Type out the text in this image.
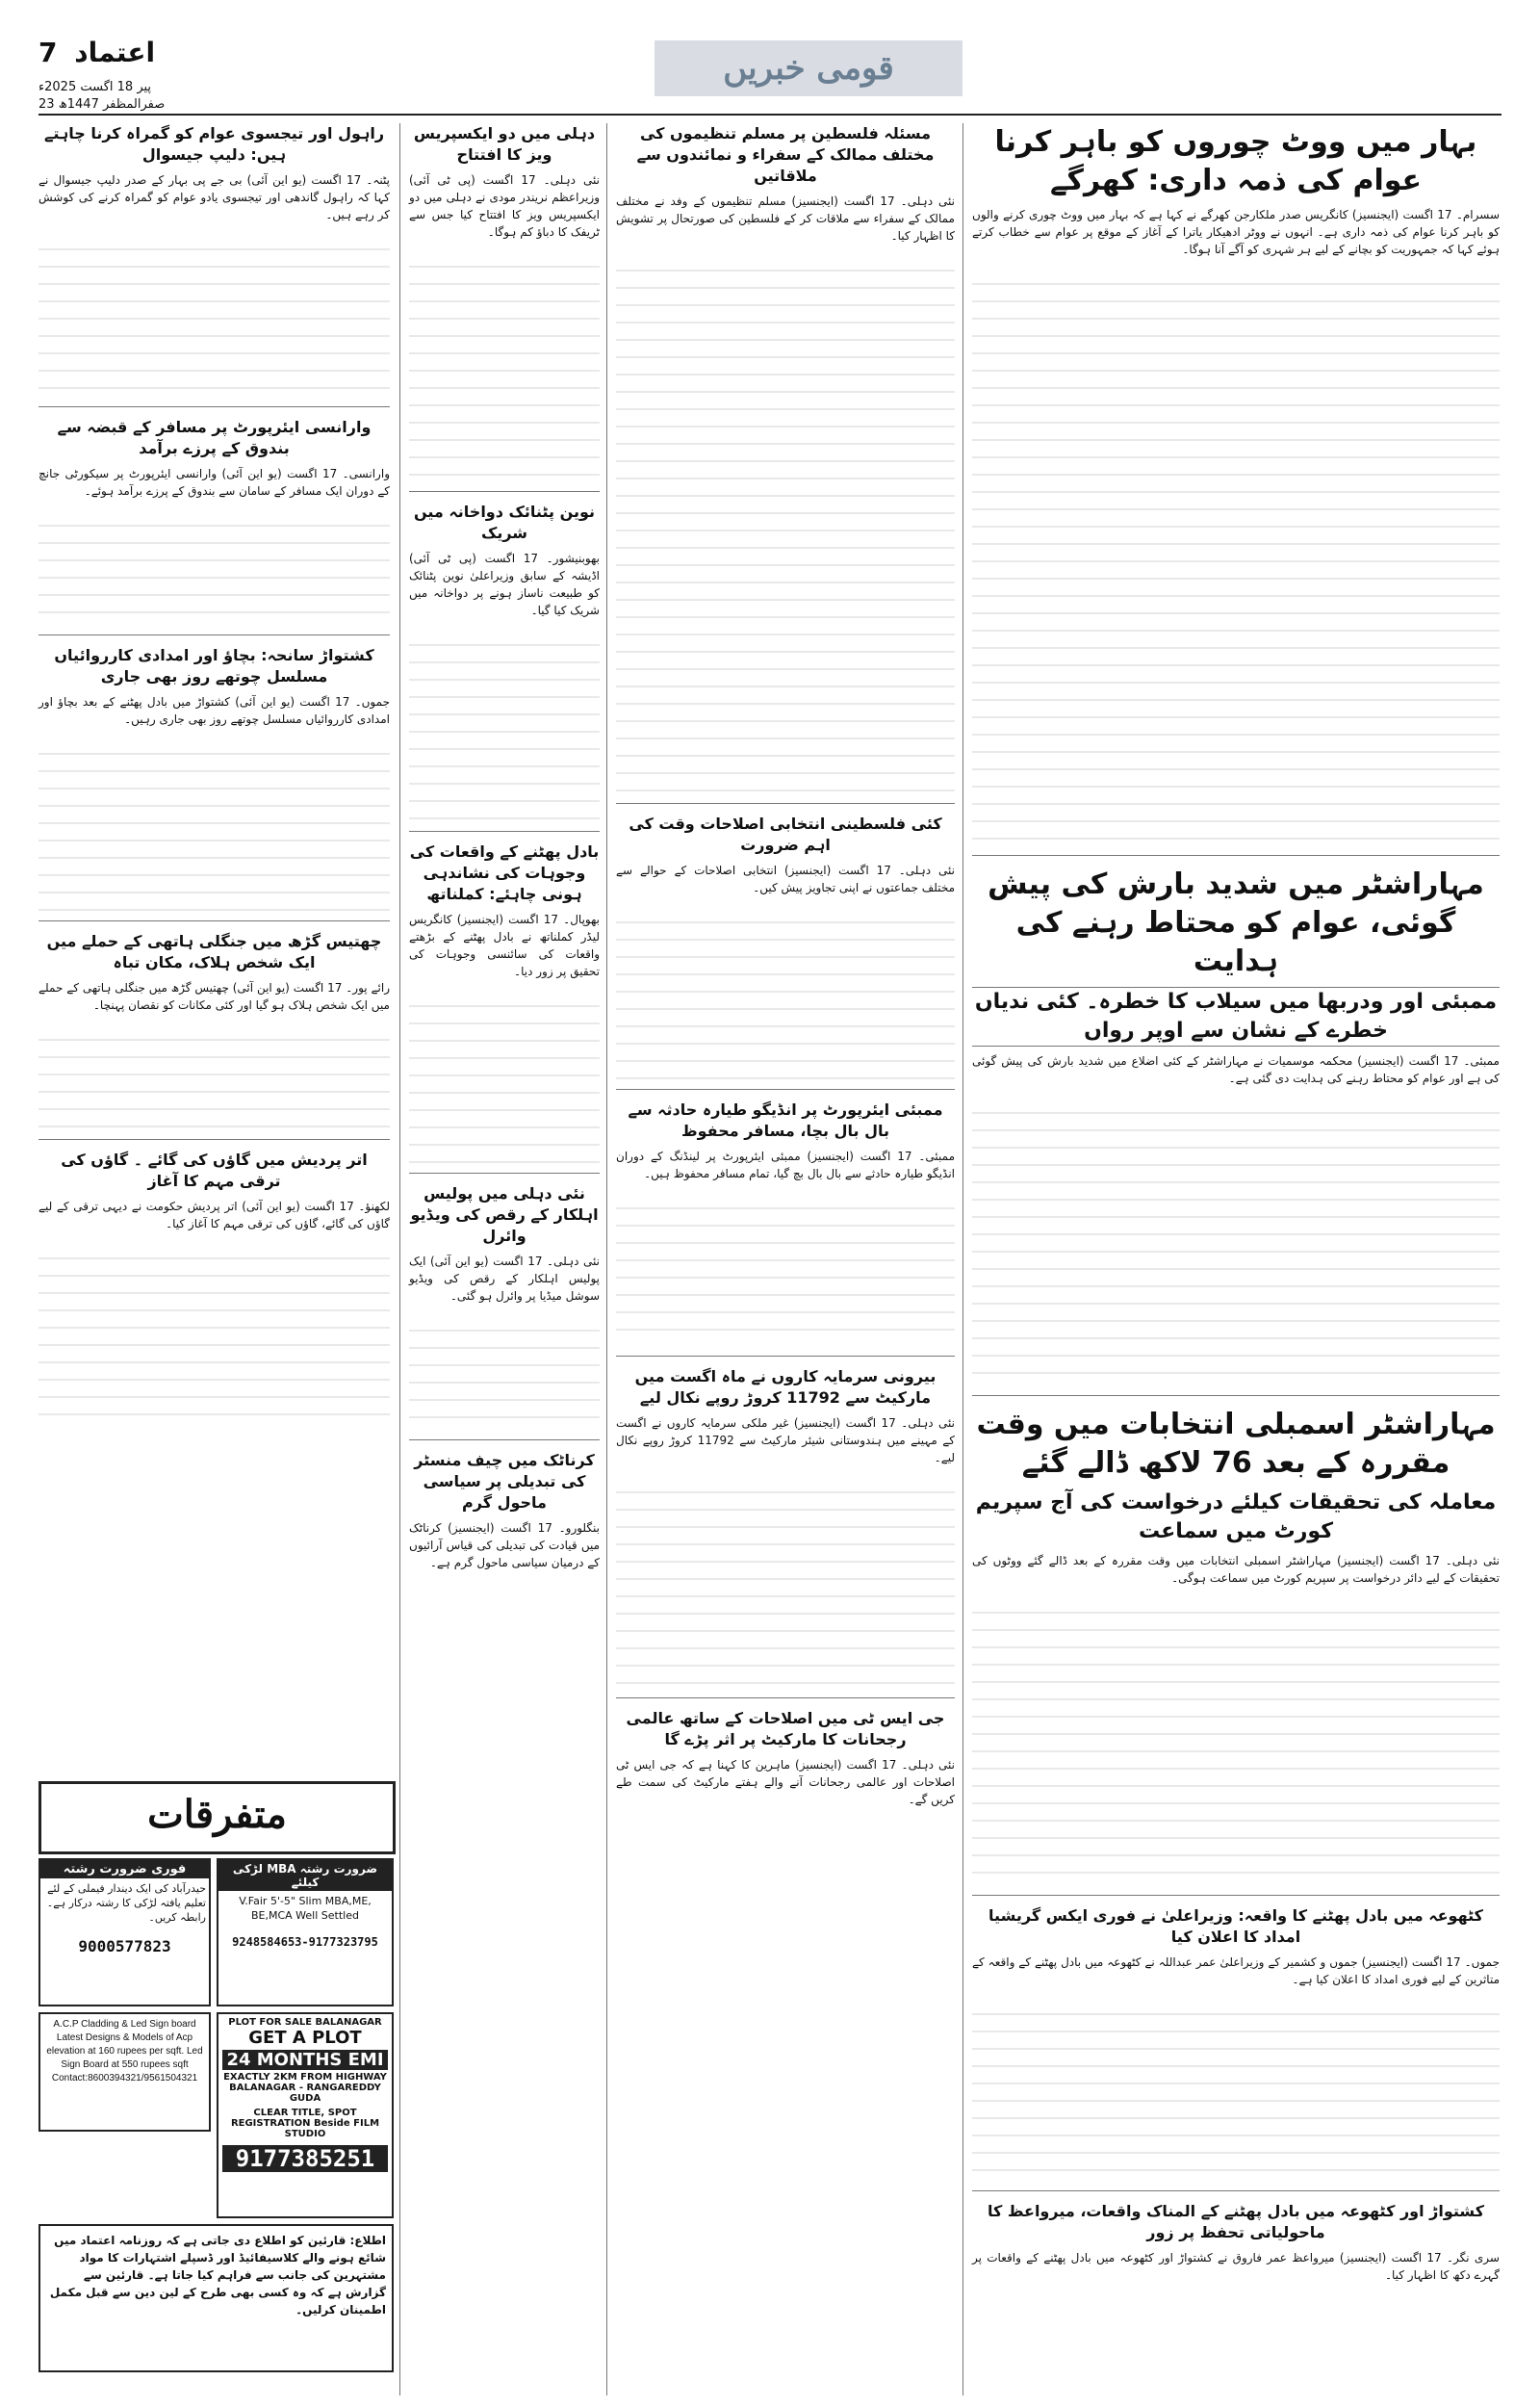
7 اعتماد
پیر 18 اگست 2025ء
23 صفرالمظفر 1447ھ
قومی خبریں
بہار میں ووٹ چوروں کو باہر کرنا عوام کی ذمہ داری: کھرگے
سسرام۔ 17 اگست (ایجنسیز) کانگریس صدر ملکارجن کھرگے نے کہا ہے کہ بہار میں ووٹ چوری کرنے والوں کو باہر کرنا عوام کی ذمہ داری ہے۔ انہوں نے ووٹر ادھیکار یاترا کے آغاز کے موقع پر عوام سے خطاب کرتے ہوئے کہا کہ جمہوریت کو بچانے کے لیے ہر شہری کو آگے آنا ہوگا۔
مہاراشٹر میں شدید بارش کی پیش گوئی، عوام کو محتاط رہنے کی ہدایت
ممبئی اور ودربھا میں سیلاب کا خطرہ۔ کئی ندیاں خطرے کے نشان سے اوپر رواں
ممبئی۔ 17 اگست (ایجنسیز) محکمہ موسمیات نے مہاراشٹر کے کئی اضلاع میں شدید بارش کی پیش گوئی کی ہے اور عوام کو محتاط رہنے کی ہدایت دی گئی ہے۔
مہاراشٹر اسمبلی انتخابات میں وقت مقررہ کے بعد 76 لاکھ ڈالے گئے
معاملہ کی تحقیقات کیلئے درخواست کی آج سپریم کورٹ میں سماعت
نئی دہلی۔ 17 اگست (ایجنسیز) مہاراشٹر اسمبلی انتخابات میں وقت مقررہ کے بعد ڈالے گئے ووٹوں کی تحقیقات کے لیے دائر درخواست پر سپریم کورٹ میں سماعت ہوگی۔
کٹھوعہ میں بادل پھٹنے کا واقعہ: وزیراعلیٰ نے فوری ایکس گریشیا امداد کا اعلان کیا
جموں۔ 17 اگست (ایجنسیز) جموں و کشمیر کے وزیراعلیٰ عمر عبداللہ نے کٹھوعہ میں بادل پھٹنے کے واقعہ کے متاثرین کے لیے فوری امداد کا اعلان کیا ہے۔
کشتواڑ اور کٹھوعہ میں بادل پھٹنے کے المناک واقعات، میرواعظ کا ماحولیاتی تحفظ پر زور
سری نگر۔ 17 اگست (ایجنسیز) میرواعظ عمر فاروق نے کشتواڑ اور کٹھوعہ میں بادل پھٹنے کے واقعات پر گہرے دکھ کا اظہار کیا۔
مسئلہ فلسطین پر مسلم تنظیموں کی مختلف ممالک کے سفراء و نمائندوں سے ملاقاتیں
نئی دہلی۔ 17 اگست (ایجنسیز) مسلم تنظیموں کے وفد نے مختلف ممالک کے سفراء سے ملاقات کر کے فلسطین کی صورتحال پر تشویش کا اظہار کیا۔
کئی فلسطینی انتخابی اصلاحات وقت کی اہم ضرورت
نئی دہلی۔ 17 اگست (ایجنسیز) انتخابی اصلاحات کے حوالے سے مختلف جماعتوں نے اپنی تجاویز پیش کیں۔
ممبئی ایئرپورٹ پر انڈیگو طیارہ حادثہ سے بال بال بچا، مسافر محفوظ
ممبئی۔ 17 اگست (ایجنسیز) ممبئی ایئرپورٹ پر لینڈنگ کے دوران انڈیگو طیارہ حادثے سے بال بال بچ گیا، تمام مسافر محفوظ ہیں۔
بیرونی سرمایہ کاروں نے ماہ اگست میں مارکیٹ سے 11792 کروڑ روپے نکال لیے
نئی دہلی۔ 17 اگست (ایجنسیز) غیر ملکی سرمایہ کاروں نے اگست کے مہینے میں ہندوستانی شیئر مارکیٹ سے 11792 کروڑ روپے نکال لیے۔
جی ایس ٹی میں اصلاحات کے ساتھ عالمی رجحانات کا مارکیٹ پر اثر پڑے گا
نئی دہلی۔ 17 اگست (ایجنسیز) ماہرین کا کہنا ہے کہ جی ایس ٹی اصلاحات اور عالمی رجحانات آنے والے ہفتے مارکیٹ کی سمت طے کریں گے۔
دہلی میں دو ایکسپریس ویز کا افتتاح
نئی دہلی۔ 17 اگست (پی ٹی آئی) وزیراعظم نریندر مودی نے دہلی میں دو ایکسپریس ویز کا افتتاح کیا جس سے ٹریفک کا دباؤ کم ہوگا۔
نوین پٹنائک دواخانہ میں شریک
بھوبنیشور۔ 17 اگست (پی ٹی آئی) اڈیشہ کے سابق وزیراعلیٰ نوین پٹنائک کو طبیعت ناساز ہونے پر دواخانہ میں شریک کیا گیا۔
بادل پھٹنے کے واقعات کی وجوہات کی نشاندہی ہونی چاہئے: کملناتھ
بھوپال۔ 17 اگست (ایجنسیز) کانگریس لیڈر کملناتھ نے بادل پھٹنے کے بڑھتے واقعات کی سائنسی وجوہات کی تحقیق پر زور دیا۔
نئی دہلی میں پولیس اہلکار کے رقص کی ویڈیو وائرل
نئی دہلی۔ 17 اگست (یو این آئی) ایک پولیس اہلکار کے رقص کی ویڈیو سوشل میڈیا پر وائرل ہو گئی۔
کرناٹک میں چیف منسٹر کی تبدیلی پر سیاسی ماحول گرم
بنگلورو۔ 17 اگست (ایجنسیز) کرناٹک میں قیادت کی تبدیلی کی قیاس آرائیوں کے درمیان سیاسی ماحول گرم ہے۔
راہول اور تیجسوی عوام کو گمراہ کرنا چاہتے ہیں: دلیپ جیسوال
پٹنہ۔ 17 اگست (یو این آئی) بی جے پی بہار کے صدر دلیپ جیسوال نے کہا کہ راہول گاندھی اور تیجسوی یادو عوام کو گمراہ کرنے کی کوشش کر رہے ہیں۔
وارانسی ایئرپورٹ پر مسافر کے قبضہ سے بندوق کے پرزے برآمد
وارانسی۔ 17 اگست (یو این آئی) وارانسی ایئرپورٹ پر سیکورٹی جانچ کے دوران ایک مسافر کے سامان سے بندوق کے پرزے برآمد ہوئے۔
کشتواڑ سانحہ: بچاؤ اور امدادی کارروائیاں مسلسل چوتھے روز بھی جاری
جموں۔ 17 اگست (یو این آئی) کشتواڑ میں بادل پھٹنے کے بعد بچاؤ اور امدادی کارروائیاں مسلسل چوتھے روز بھی جاری رہیں۔
چھتیس گڑھ میں جنگلی ہاتھی کے حملے میں ایک شخص ہلاک، مکان تباہ
رائے پور۔ 17 اگست (یو این آئی) چھتیس گڑھ میں جنگلی ہاتھی کے حملے میں ایک شخص ہلاک ہو گیا اور کئی مکانات کو نقصان پہنچا۔
اتر پردیش میں گاؤں کی گائے ۔ گاؤں کی ترقی مہم کا آغاز
لکھنؤ۔ 17 اگست (یو این آئی) اتر پردیش حکومت نے دیہی ترقی کے لیے گاؤں کی گائے، گاؤں کی ترقی مہم کا آغاز کیا۔
متفرقات
فوری ضرورت رشتہ
حیدرآباد کی ایک دیندار فیملی کے لئے تعلیم یافتہ لڑکی کا رشتہ درکار ہے۔ رابطہ کریں۔
9000577823
ضرورت رشتہ MBA لڑکی کیلئے
V.Fair 5'-5" Slim MBA,ME, BE,MCA Well Settled
9248584653-9177323795
A.C.P Cladding & Led Sign board Latest Designs & Models of Acp elevation at 160 rupees per sqft. Led Sign Board at 550 rupees sqft Contact:8600394321/9561504321
PLOT FOR SALE BALANAGAR
GET A PLOT
24 MONTHS EMI
EXACTLY 2KM FROM HIGHWAY BALANAGAR - RANGAREDDY GUDA
CLEAR TITLE, SPOT REGISTRATION Beside FILM STUDIO
9177385251
اطلاع: قارئین کو اطلاع دی جاتی ہے کہ روزنامہ اعتماد میں شائع ہونے والے کلاسیفائیڈ اور ڈسپلے اشتہارات کا مواد مشتہرین کی جانب سے فراہم کیا جاتا ہے۔ قارئین سے گزارش ہے کہ وہ کسی بھی طرح کے لین دین سے قبل مکمل اطمینان کرلیں۔
